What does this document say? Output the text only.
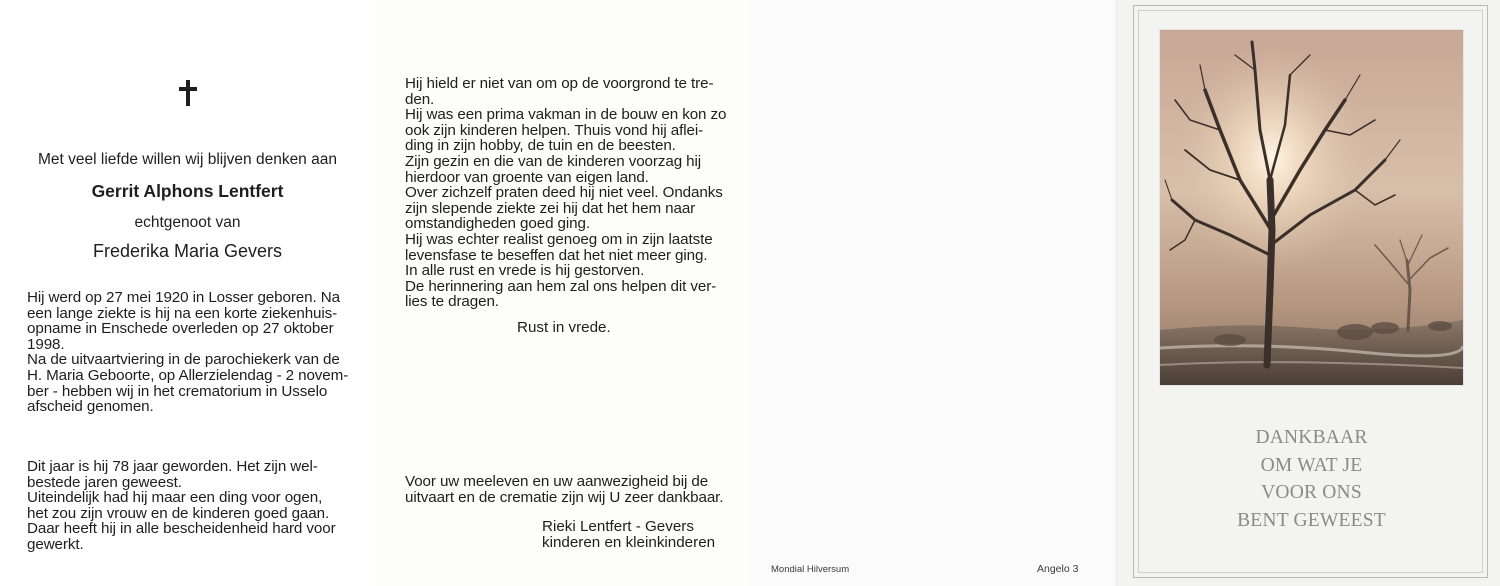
Met veel liefde willen wij blijven denken aan
Gerrit Alphons Lentfert
echtgenoot van
Frederika Maria Gevers
Hij werd op 27 mei 1920 in Losser geboren. Na
een lange ziekte is hij na een korte ziekenhuis-
opname in Enschede overleden op 27 oktober
1998.
Na de uitvaartviering in de parochiekerk van de
H. Maria Geboorte, op Allerzielendag - 2 novem-
ber - hebben wij in het crematorium in Usselo
afscheid genomen.
Dit jaar is hij 78 jaar geworden. Het zijn wel-
bestede jaren geweest.
Uiteindelijk had hij maar een ding voor ogen,
het zou zijn vrouw en de kinderen goed gaan.
Daar heeft hij in alle bescheidenheid hard voor
gewerkt.
Hij hield er niet van om op de voorgrond te tre-
den.
Hij was een prima vakman in de bouw en kon zo
ook zijn kinderen helpen. Thuis vond hij aflei-
ding in zijn hobby, de tuin en de beesten.
Zijn gezin en die van de kinderen voorzag hij
hierdoor van groente van eigen land.
Over zichzelf praten deed hij niet veel. Ondanks
zijn slepende ziekte zei hij dat het hem naar
omstandigheden goed ging.
Hij was echter realist genoeg om in zijn laatste
levensfase te beseffen dat het niet meer ging.
In alle rust en vrede is hij gestorven.
De herinnering aan hem zal ons helpen dit ver-
lies te dragen.
Rust in vrede.
Voor uw meeleven en uw aanwezigheid bij de
uitvaart en de crematie zijn wij U zeer dankbaar.
Rieki Lentfert - Gevers
kinderen en kleinkinderen
Mondial Hilversum	Angelo 3
DANKBAAR
OM WAT JE
VOOR ONS
BENT GEWEEST
